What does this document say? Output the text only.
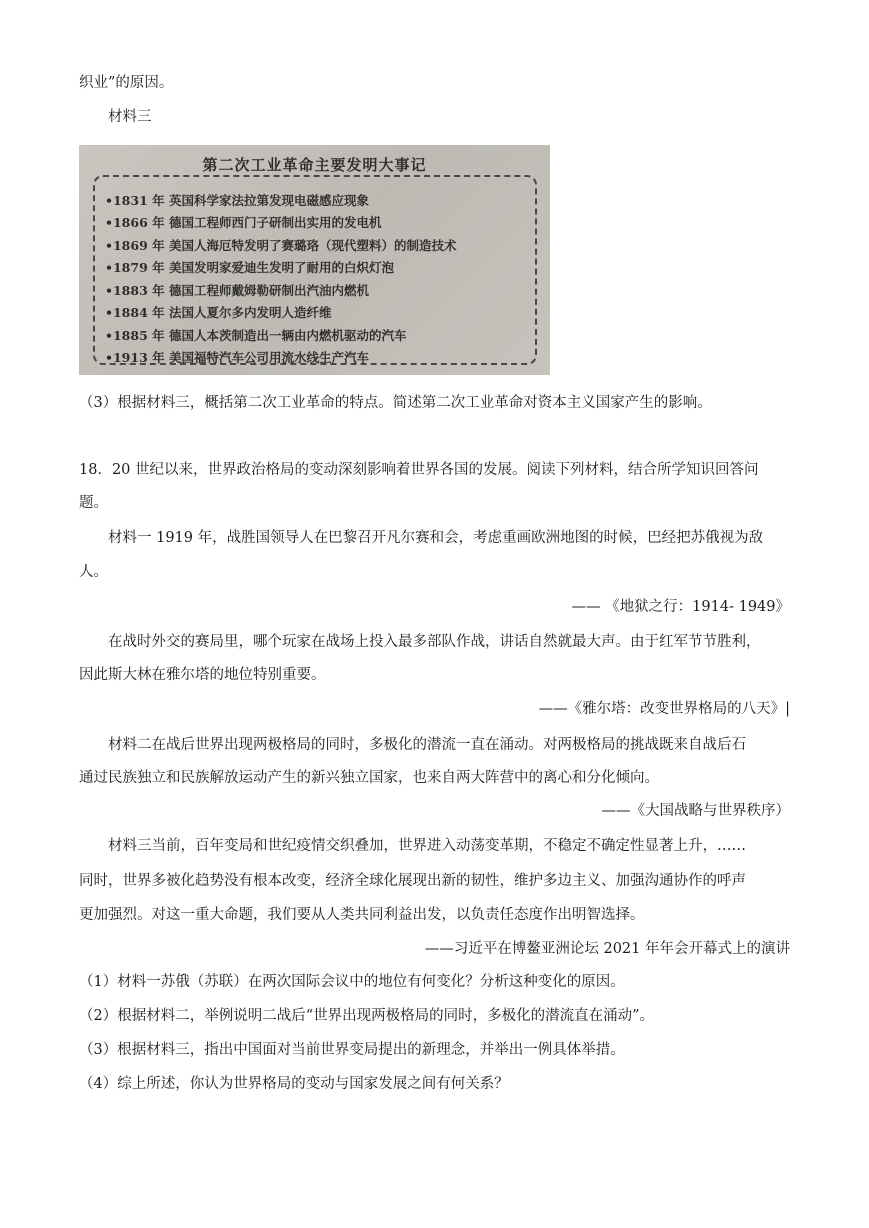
织业”的原因。
材料三
第二次工业革命主要发明大事记
•1831 年 英国科学家法拉第发现电磁感应现象
•1866 年 德国工程师西门子研制出实用的发电机
•1869 年 美国人海厄特发明了赛璐珞（现代塑料）的制造技术
•1879 年 美国发明家爱迪生发明了耐用的白炽灯泡
•1883 年 德国工程师戴姆勒研制出汽油内燃机
•1884 年 法国人夏尔多内发明人造纤维
•1885 年 德国人本茨制造出一辆由内燃机驱动的汽车
•1913 年 美国福特汽车公司用流水线生产汽车
（3）根据材料三，概括第二次工业革命的特点。简述第二次工业革命对资本主义国家产生的影响。
18．20 世纪以来，世界政治格局的变动深刻影响着世界各国的发展。阅读下列材料，结合所学知识回答问
题。
材料一 1919 年，战胜国领导人在巴黎召开凡尔赛和会，考虑重画欧洲地图的时候，巴经把苏俄视为敌
人。
—— 《地狱之行：1914- 1949》
在战时外交的赛局里，哪个玩家在战场上投入最多部队作战，讲话自然就最大声。由于红军节节胜利，
因此斯大林在雅尔塔的地位特别重要。
——《雅尔塔：改变世界格局的八天》|
材料二在战后世界出现两极格局的同时，多极化的潜流一直在涌动。对两极格局的挑战既来自战后石
通过民族独立和民族解放运动产生的新兴独立国家，也来自两大阵营中的离心和分化倾向。
——《大国战略与世界秩序）
材料三当前，百年变局和世纪疫情交织叠加，世界进入动荡变革期，不稳定不确定性显著上升，……
同时，世界多被化趋势没有根本改变，经济全球化展现出新的韧性，维护多边主义、加强沟通协作的呼声
更加强烈。对这一重大命题，我们要从人类共同利益出发，以负责任态度作出明智选择。
——习近平在博鳌亚洲论坛 2021 年年会开幕式上的演讲
（1）材料一苏俄（苏联）在两次国际会议中的地位有何变化？分析这种变化的原因。
（2）根据材料二，举例说明二战后“世界出现两极格局的同时，多极化的潜流直在涌动”。
（3）根据材料三，指出中国面对当前世界变局提出的新理念，并举出一例具体举措。
（4）综上所述，你认为世界格局的变动与国家发展之间有何关系？
